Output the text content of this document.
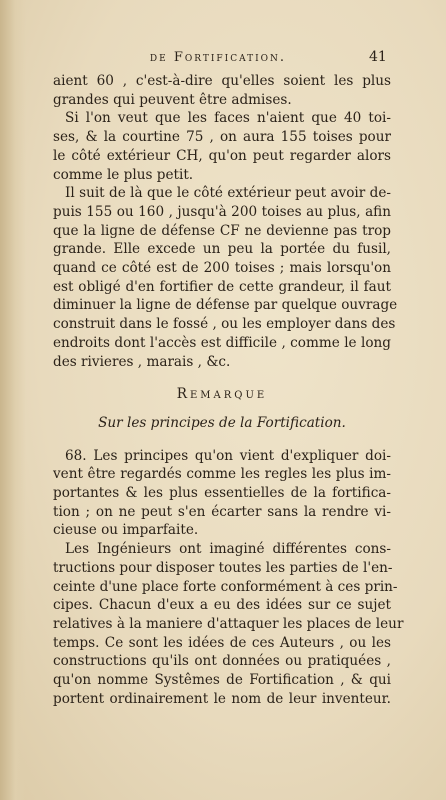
de Fortification.	41

aient 60 , c'est-à-dire qu'elles soient les plus
grandes qui peuvent être admises.

Si l'on veut que les faces n'aient que 40 toi-
ses, & la courtine 75 , on aura 155 toises pour
le côté extérieur CH, qu'on peut regarder alors
comme le plus petit.

Il suit de là que le côté extérieur peut avoir de-
puis 155 ou 160 , jusqu'à 200 toises au plus, afin
que la ligne de défense CF ne devienne pas trop
grande. Elle excede un peu la portée du fusil,
quand ce côté est de 200 toises ; mais lorsqu'on
est obligé d'en fortifier de cette grandeur, il faut
diminuer la ligne de défense par quelque ouvrage
construit dans le fossé , ou les employer dans des
endroits dont l'accès est difficile , comme le long
des rivieres , marais , &c.

Remarque
Sur les principes de la Fortification.

68. Les principes qu'on vient d'expliquer doi-
vent être regardés comme les regles les plus im-
portantes & les plus essentielles de la fortifica-
tion ; on ne peut s'en écarter sans la rendre vi-
cieuse ou imparfaite.

Les Ingénieurs ont imaginé différentes cons-
tructions pour disposer toutes les parties de l'en-
ceinte d'une place forte conformément à ces prin-
cipes. Chacun d'eux a eu des idées sur ce sujet
relatives à la maniere d'attaquer les places de leur
temps. Ce sont les idées de ces Auteurs , ou les
constructions qu'ils ont données ou pratiquées ,
qu'on nomme Systêmes de Fortification , & qui
portent ordinairement le nom de leur inventeur.
